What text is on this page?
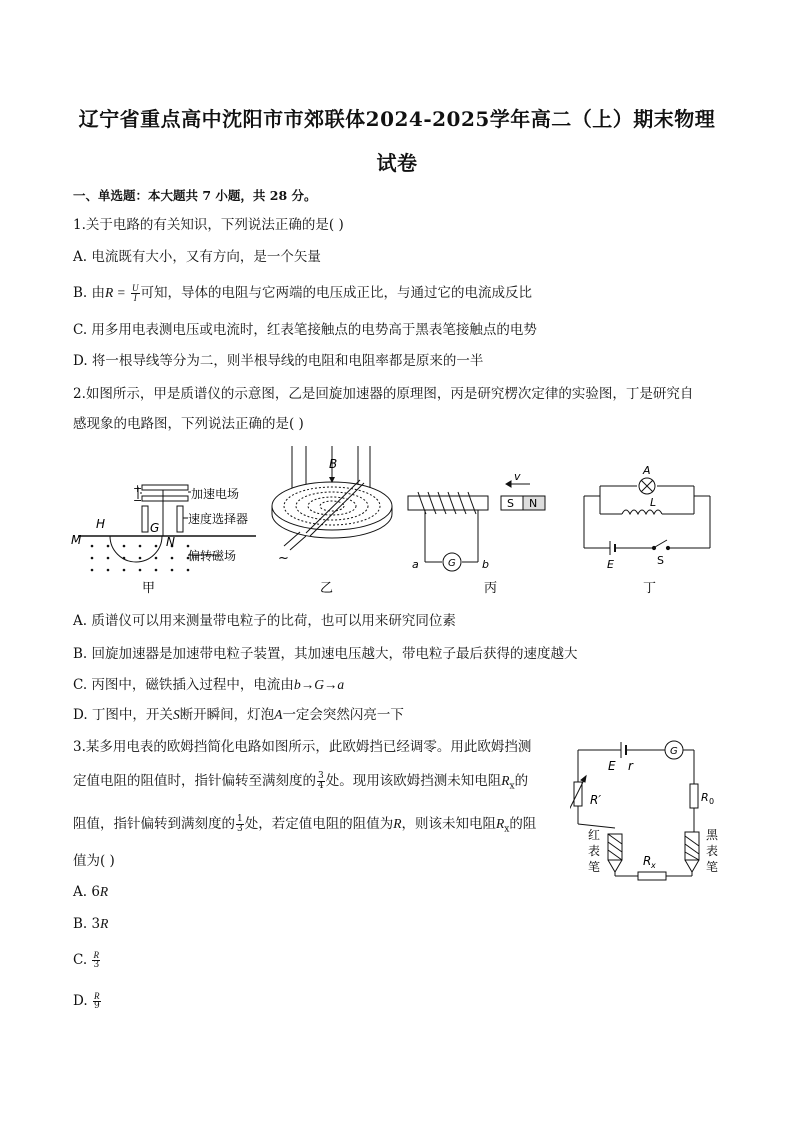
辽宁省重点高中沈阳市市郊联体2024-2025学年高二（上）期末物理
试卷
一、单选题：本大题共 7 小题，共 28 分。
1.关于电路的有关知识，下列说法正确的是( )
A. 电流既有大小，又有方向，是一个矢量
B. 由$R = \frac{U}{I}$ 可知，导体的电阻与它两端的电压成正比，与通过它的电流成反比
C. 用多用电表测电压或电流时，红表笔接触点的电势高于黑表笔接触点的电势
D. 将一根导线等分为二，则半根导线的电阻和电阻率都是原来的一半
2.如图所示，甲是质谱仪的示意图，乙是回旋加速器的原理图，丙是研究楞次定律的实验图，丁是研究自
感现象的电路图，下列说法正确的是( )
+
−	加速电场
速度选择器
偏转磁场
M
H	G
N
甲
B
~
乙
G
a	b
v
S N
丙
A
L
E	S
丁
A. 质谱仪可以用来测量带电粒子的比荷，也可以用来研究同位素
B. 回旋加速器是加速带电粒子装置，其加速电压越大，带电粒子最后获得的速度越大
C. 丙图中，磁铁插入过程中，电流由b→G→a
D. 丁图中，开关S断开瞬间，灯泡A一定会突然闪亮一下
3.某多用电表的欧姆挡简化电路如图所示，此欧姆挡已经调零。用此欧姆挡测
定值电阻的阻值时，指针偏转至满刻度的 $\frac{3}{4}$ 处。现用该欧姆挡测未知电阻$R_x$的
阻值，指针偏转到满刻度的 $\frac{1}{3}$ 处，若定值电阻的阻值为R，则该未知电阻$R_x$的阻
值为( )
A. 6R
B. 3R
C. $\frac{R}{3}$
D. $\frac{R}{9}$
G
E r
R′	R 0
红
表
笔
黑
表
笔
R x
